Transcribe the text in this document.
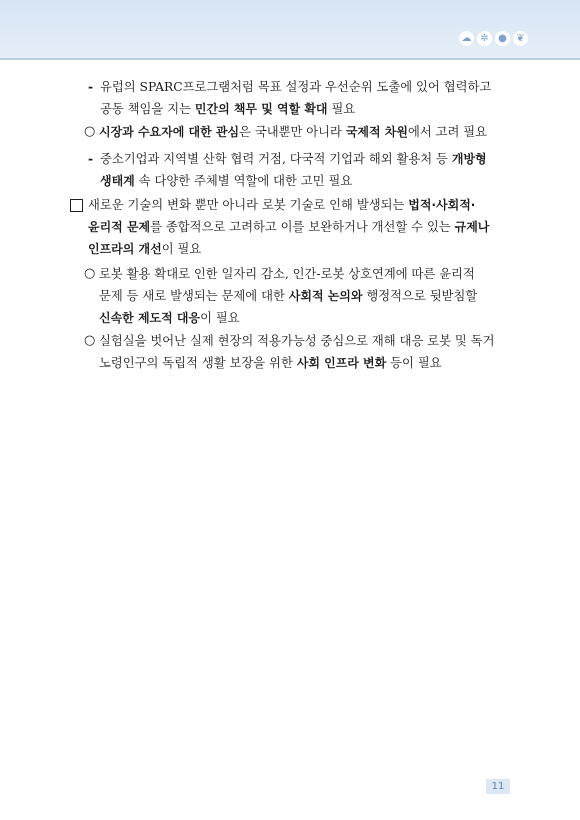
☁ ✲ ● ❦
- 유럽의 SPARC프로그램처럼 목표 설정과 우선순위 도출에 있어 협력하고
공동 책임을 지는 민간의 책무 및 역할 확대 필요
○ 시장과 수요자에 대한 관심은 국내뿐만 아니라 국제적 차원에서 고려 필요
- 중소기업과 지역별 산학 협력 거점, 다국적 기업과 해외 활용처 등 개방형
생태계 속 다양한 주체별 역할에 대한 고민 필요
새로운 기술의 변화 뿐만 아니라 로봇 기술로 인해 발생되는 법적·사회적·
윤리적 문제를 종합적으로 고려하고 이를 보완하거나 개선할 수 있는 규제나
인프라의 개선이 필요
○ 로봇 활용 확대로 인한 일자리 감소, 인간-로봇 상호연계에 따른 윤리적
문제 등 새로 발생되는 문제에 대한 사회적 논의와 행정적으로 뒷받침할
신속한 제도적 대응이 필요
○ 실험실을 벗어난 실제 현장의 적용가능성 중심으로 재해 대응 로봇 및 독거
노령인구의 독립적 생활 보장을 위한 사회 인프라 변화 등이 필요
11
